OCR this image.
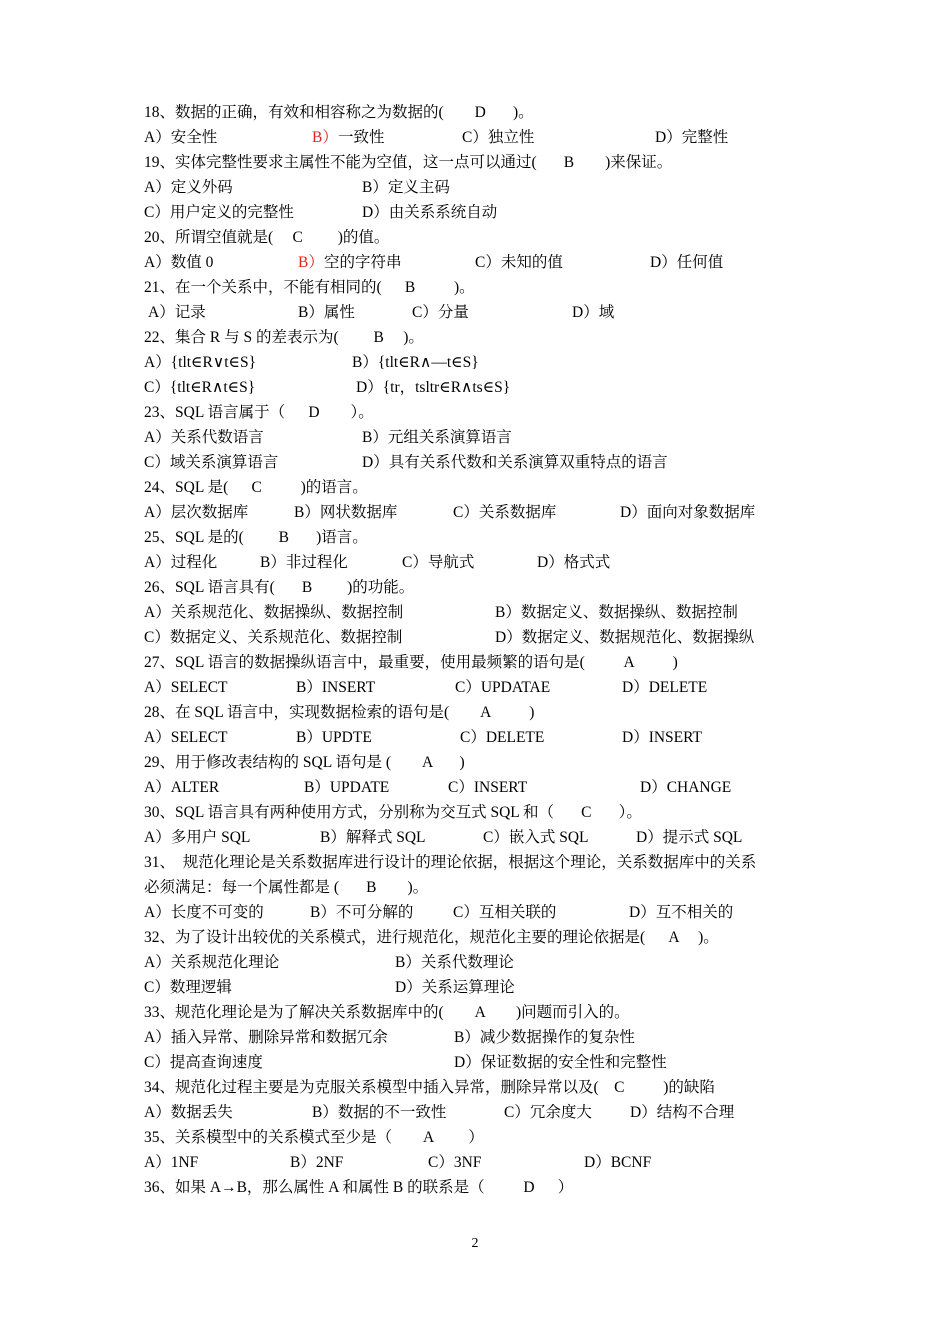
18、数据的正确，有效和相容称之为数据的(        D       )。
A）安全性	B） 一致性	C）独立性	D）完整性
19、实体完整性要求主属性不能为空值，这一点可以通过(       B        )来保证。
A）定义外码	B）定义主码
C）用户定义的完整性	D）由关系系统自动
20、所谓空值就是(     C         )的值。
A）数值 0	B） 空的字符串	C）未知的值	D）任何值
21、在一个关系中，不能有相同的(      B          )。
A）记录	B）属性	C）分量	D）域
22、集合 R 与 S 的差表示为(         B     )。
A）{tlt∈R∨t∈S}	B）{tlt∈R∧—t∈S}
C）{tlt∈R∧t∈S}	D）{tr，tsltr∈R∧ts∈S}
23、SQL 语言属于（      D        ）。
A）关系代数语言	B）元组关系演算语言
C）域关系演算语言	D）具有关系代数和关系演算双重特点的语言
24、SQL 是(      C          )的语言。
A）层次数据库	B）网状数据库	C）关系数据库	D）面向对象数据库
25、SQL 是的(         B       )语言。
A）过程化	B）非过程化	C）导航式	D）格式式
26、SQL 语言具有(       B         )的功能。
A）关系规范化、数据操纵、数据控制	B）数据定义、数据操纵、数据控制
C）数据定义、关系规范化、数据控制	D）数据定义、数据规范化、数据操纵
27、SQL 语言的数据操纵语言中，最重要，使用最频繁的语句是(          A          )
A）SELECT	B）INSERT	C）UPDATAE	D）DELETE
28、在 SQL 语言中，实现数据检索的语句是(        A          )
A）SELECT	B）UPDTE	C）DELETE	D）INSERT
29、用于修改表结构的 SQL 语句是 (        A       )
A）ALTER	B）UPDATE	C）INSERT	D）CHANGE
30、SQL 语言具有两种使用方式，分别称为交互式 SQL 和（       C       ）。
A）多用户 SQL	B）解释式 SQL	C）嵌入式 SQL	D）提示式 SQL
31、  规范化理论是关系数据库进行设计的理论依据，根据这个理论，关系数据库中的关系
必须满足：每一个属性都是 (       B        )。
A）长度不可变的	B）不可分解的	C）互相关联的	D）互不相关的
32、为了设计出较优的关系模式，进行规范化，规范化主要的理论依据是(      A     )。
A）关系规范化理论	B）关系代数理论
C）数理逻辑	D）关系运算理论
33、规范化理论是为了解决关系数据库中的(        A        )问题而引入的。
A）插入异常、删除异常和数据冗余	B）减少数据操作的复杂性
C）提高查询速度	D）保证数据的安全性和完整性
34、规范化过程主要是为克服关系模型中插入异常，删除异常以及(    C          )的缺陷
A）数据丢失	B）数据的不一致性	C）冗余度大 D）结构不合理
35、关系模型中的关系模式至少是（        A         ）
A）1NF	B）2NF	C）3NF	D）BCNF
36、如果 A→B，那么属性 A 和属性 B 的联系是（          D      ）
2
